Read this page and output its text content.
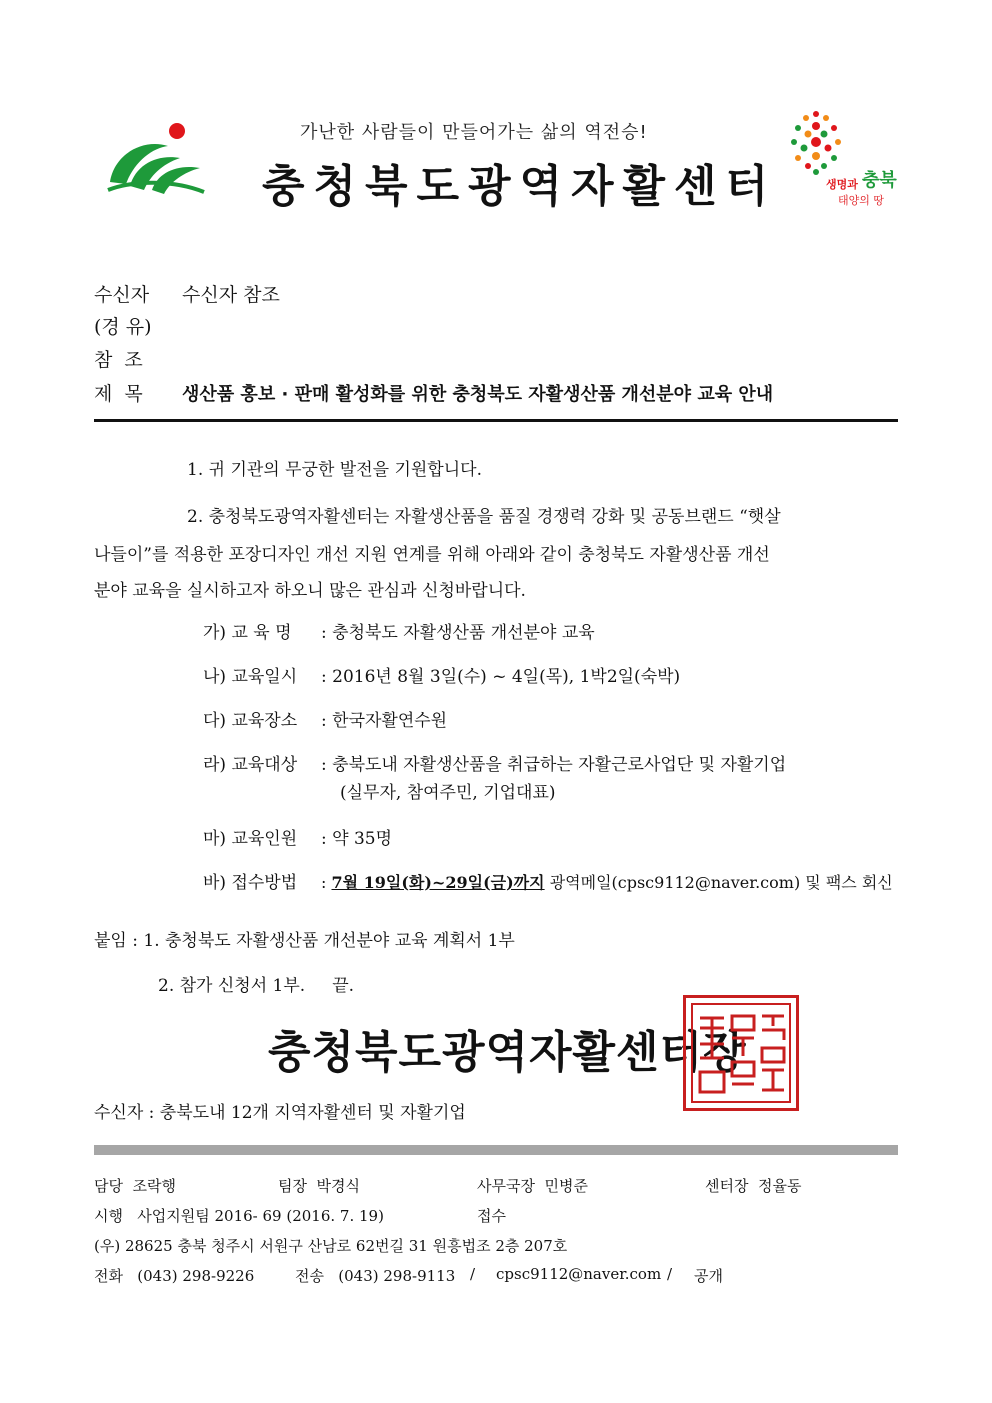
가난한 사람들이 만들어가는 삶의 역전승!
충청북도광역자활센터	생명과 충북
태양의 땅
수신자 수신자 참조
(경 유)
참  조
제  목 생산품 홍보 · 판매 활성화를 위한 충청북도 자활생산품 개선분야 교육 안내
1. 귀 기관의 무궁한 발전을 기원합니다.
2. 충청북도광역자활센터는 자활생산품을 품질 경쟁력 강화 및 공동브랜드 “햇살
나들이”를 적용한 포장디자인 개선 지원 연계를 위해 아래와 같이 충청북도 자활생산품 개선
분야 교육을 실시하고자 하오니 많은 관심과 신청바랍니다.
가) 교 육 명 : 충청북도 자활생산품 개선분야 교육
나) 교육일시 : 2016년 8월 3일(수) ~ 4일(목), 1박2일(숙박)
다) 교육장소 : 한국자활연수원
라) 교육대상 : 충북도내 자활생산품을 취급하는 자활근로사업단 및 자활기업
(실무자, 참여주민, 기업대표)
마) 교육인원 : 약 35명
바) 접수방법 : 7월 19일(화)~29일(금)까지 광역메일(cpsc9112@naver.com) 및 팩스 회신
붙임 : 1. 충청북도 자활생산품 개선분야 교육 계획서 1부
2. 참가 신청서 1부.     끝.
충청북도광역자활센터장
수신자 : 충북도내 12개 지역자활센터 및 자활기업
담당 조락행	팀장 박경식	사무국장 민병준	센터장 정율동
시행   사업지원팀 2016- 69 (2016. 7. 19)	접수
(우) 28625 충북 청주시 서원구 산남로 62번길 31 원흥법조 2층 207호
전화   (043) 298-9226	전송   (043) 298-9113 / cpsc9112@naver.com / 공개
